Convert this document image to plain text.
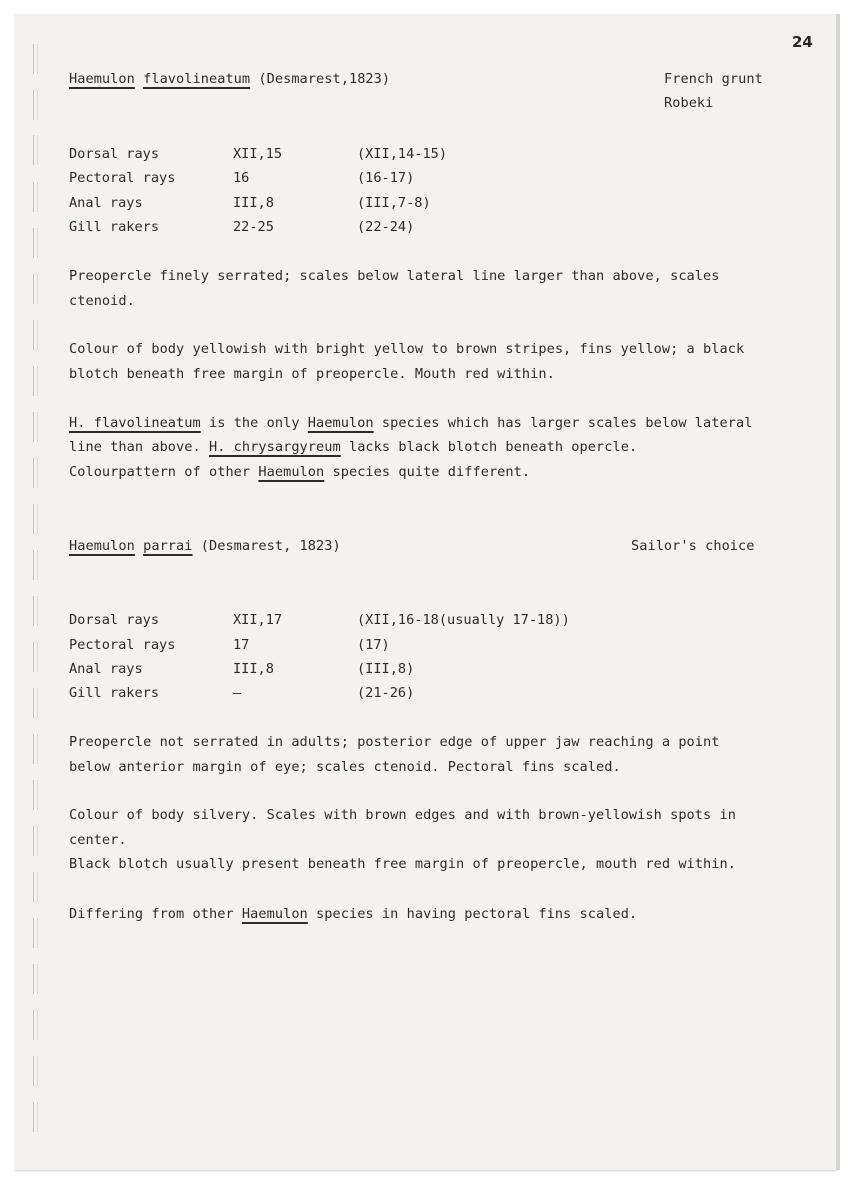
24
Haemulon flavolineatum (Desmarest,1823)	French grunt
Robeki
Dorsal rays	XII,15	(XII,14-15)
Pectoral rays	16	(16-17)
Anal rays	III,8	(III,7-8)
Gill rakers	22-25	(22-24)
Preopercle finely serrated; scales below lateral line larger than above, scales
ctenoid.
Colour of body yellowish with bright yellow to brown stripes, fins yellow; a black
blotch beneath free margin of preopercle. Mouth red within.
H. flavolineatum is the only Haemulon species which has larger scales below lateral
line than above. H. chrysargyreum lacks black blotch beneath opercle.
Colourpattern of other Haemulon species quite different.
Haemulon parrai (Desmarest, 1823)	Sailor's choice
Dorsal rays	XII,17	(XII,16-18(usually 17-18))
Pectoral rays	17	(17)
Anal rays	III,8	(III,8)
Gill rakers	—	(21-26)
Preopercle not serrated in adults; posterior edge of upper jaw reaching a point
below anterior margin of eye; scales ctenoid. Pectoral fins scaled.
Colour of body silvery. Scales with brown edges and with brown-yellowish spots in
center.
Black blotch usually present beneath free margin of preopercle, mouth red within.
Differing from other Haemulon species in having pectoral fins scaled.
